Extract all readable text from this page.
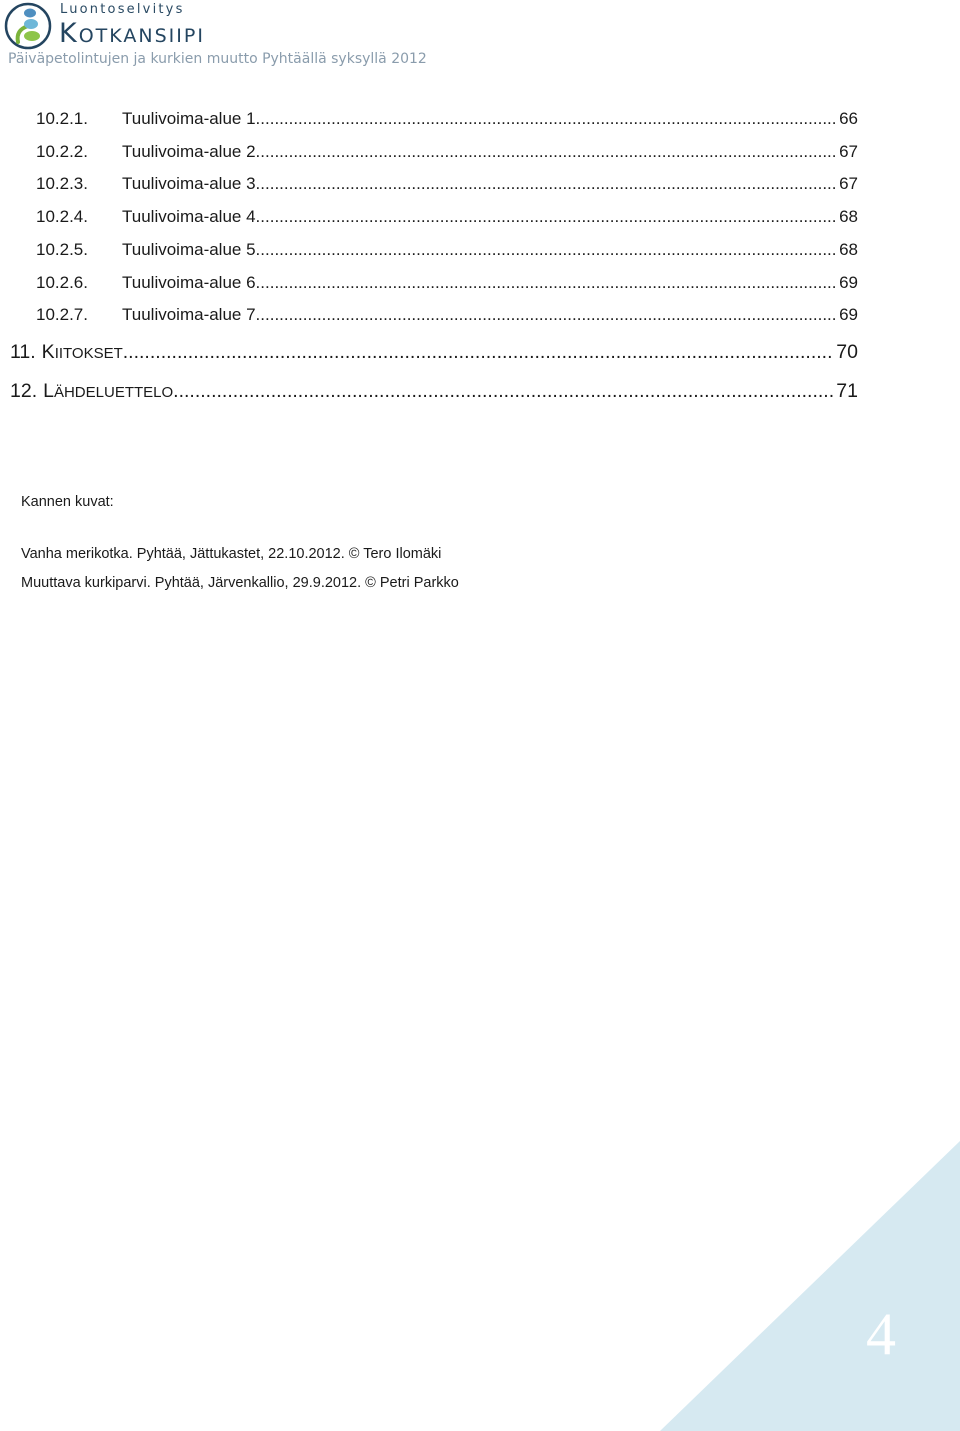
Luontoselvitys
Kotkansiipi
Päiväpetolintujen ja kurkien muutto Pyhtäällä syksyllä 2012
10.2.1.	Tuulivoima-alue 1 .....	66
10.2.2.	Tuulivoima-alue 2 .....	67
10.2.3.	Tuulivoima-alue 3 .....	67
10.2.4.	Tuulivoima-alue 4 .....	68
10.2.5.	Tuulivoima-alue 5 .....	68
10.2.6.	Tuulivoima-alue 6 .....	69
10.2.7.	Tuulivoima-alue 7 .....	69
11. KIITOKSET .....	70
12. LÄHDELUETTELO .....	71
Kannen kuvat:
Vanha merikotka. Pyhtää, Jättukastet, 22.10.2012. © Tero Ilomäki
Muuttava kurkiparvi. Pyhtää, Järvenkallio, 29.9.2012. © Petri Parkko
4
